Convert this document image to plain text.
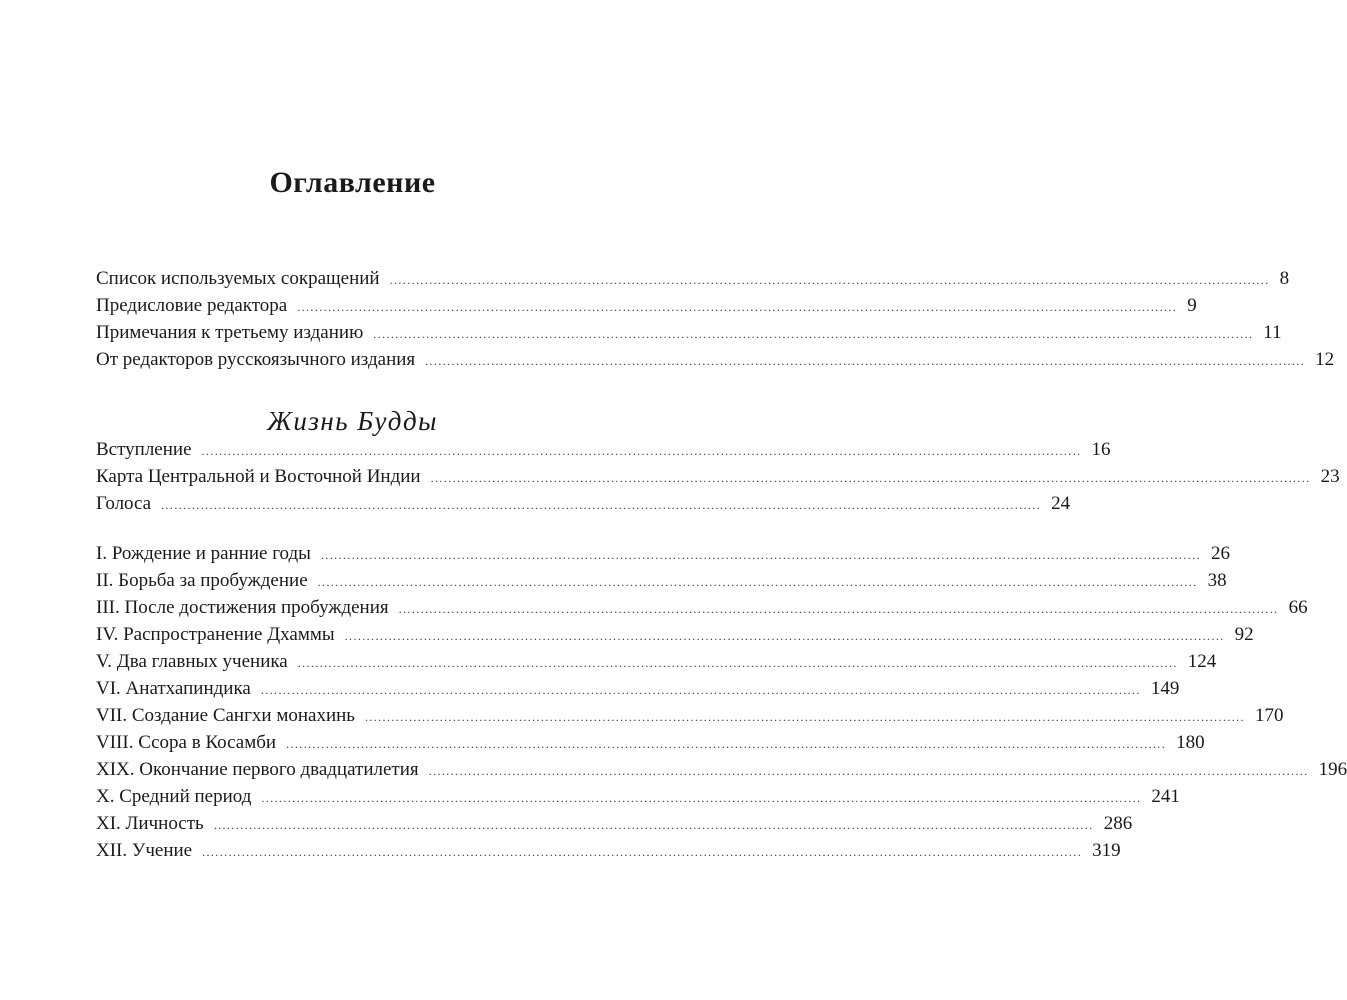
Оглавление
Список используемых сокращений ........................................................................................................................................................................................................ 8
Предисловие редактора ........................................................................................................................................................................................................ 9
Примечания к третьему изданию ........................................................................................................................................................................................................ 11
От редакторов русскоязычного издания ........................................................................................................................................................................................................ 12
Жизнь Будды
Вступление ........................................................................................................................................................................................................ 16
Карта Центральной и Восточной Индии ........................................................................................................................................................................................................ 23
Голоса ........................................................................................................................................................................................................ 24
I. Рождение и ранние годы ........................................................................................................................................................................................................ 26
II. Борьба за пробуждение ........................................................................................................................................................................................................ 38
III. После достижения пробуждения ........................................................................................................................................................................................................ 66
IV. Распространение Дхаммы ........................................................................................................................................................................................................ 92
V. Два главных ученика ........................................................................................................................................................................................................ 124
VI. Анатхапиндика ........................................................................................................................................................................................................ 149
VII. Создание Сангхи монахинь ........................................................................................................................................................................................................ 170
VIII. Ссора в Косамби ........................................................................................................................................................................................................ 180
XIX. Окончание первого двадцатилетия ........................................................................................................................................................................................................ 196
X. Средний период ........................................................................................................................................................................................................ 241
XI. Личность ........................................................................................................................................................................................................ 286
XII. Учение ........................................................................................................................................................................................................ 319
